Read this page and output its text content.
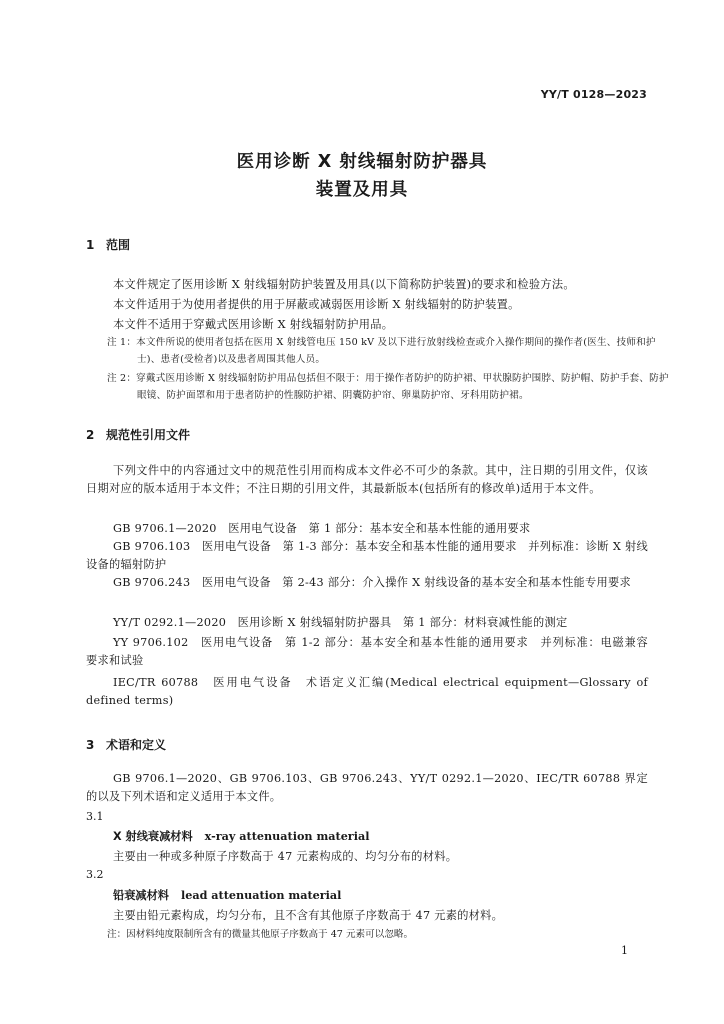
YY/T 0128—2023
医用诊断 X 射线辐射防护器具
装置及用具
1 范围
本文件规定了医用诊断 X 射线辐射防护装置及用具(以下简称防护装置)的要求和检验方法。
本文件适用于为使用者提供的用于屏蔽或减弱医用诊断 X 射线辐射的防护装置。
本文件不适用于穿戴式医用诊断 X 射线辐射防护用品。
注 1：本文件所说的使用者包括在医用 X 射线管电压 150 kV 及以下进行放射线检查或介入操作期间的操作者(医生、技师和护士)、患者(受检者)以及患者周围其他人员。
注 2：穿戴式医用诊断 X 射线辐射防护用品包括但不限于：用于操作者防护的防护裙、甲状腺防护围脖、防护帽、防护手套、防护眼镜、防护面罩和用于患者防护的性腺防护裙、阴囊防护帘、卵巢防护帘、牙科用防护裙。
2 规范性引用文件
下列文件中的内容通过文中的规范性引用而构成本文件必不可少的条款。其中，注日期的引用文件，仅该日期对应的版本适用于本文件；不注日期的引用文件，其最新版本(包括所有的修改单)适用于本文件。
GB 9706.1—2020　医用电气设备　第 1 部分：基本安全和基本性能的通用要求
GB 9706.103　医用电气设备　第 1-3 部分：基本安全和基本性能的通用要求　并列标准：诊断 X 射线设备的辐射防护
GB 9706.243　医用电气设备　第 2-43 部分：介入操作 X 射线设备的基本安全和基本性能专用要求
YY/T 0292.1—2020　医用诊断 X 射线辐射防护器具　第 1 部分：材料衰减性能的测定
YY 9706.102　医用电气设备　第 1-2 部分：基本安全和基本性能的通用要求　并列标准：电磁兼容　要求和试验
IEC/TR 60788　医用电气设备　术语定义汇编(Medical electrical equipment—Glossary of defined terms)
3 术语和定义
GB 9706.1—2020、GB 9706.103、GB 9706.243、YY/T 0292.1—2020、IEC/TR 60788 界定的以及下列术语和定义适用于本文件。
3.1
X 射线衰减材料 x-ray attenuation material
主要由一种或多种原子序数高于 47 元素构成的、均匀分布的材料。
3.2
铅衰减材料 lead attenuation material
主要由铅元素构成，均匀分布，且不含有其他原子序数高于 47 元素的材料。
注：因材料纯度限制所含有的微量其他原子序数高于 47 元素可以忽略。
1
